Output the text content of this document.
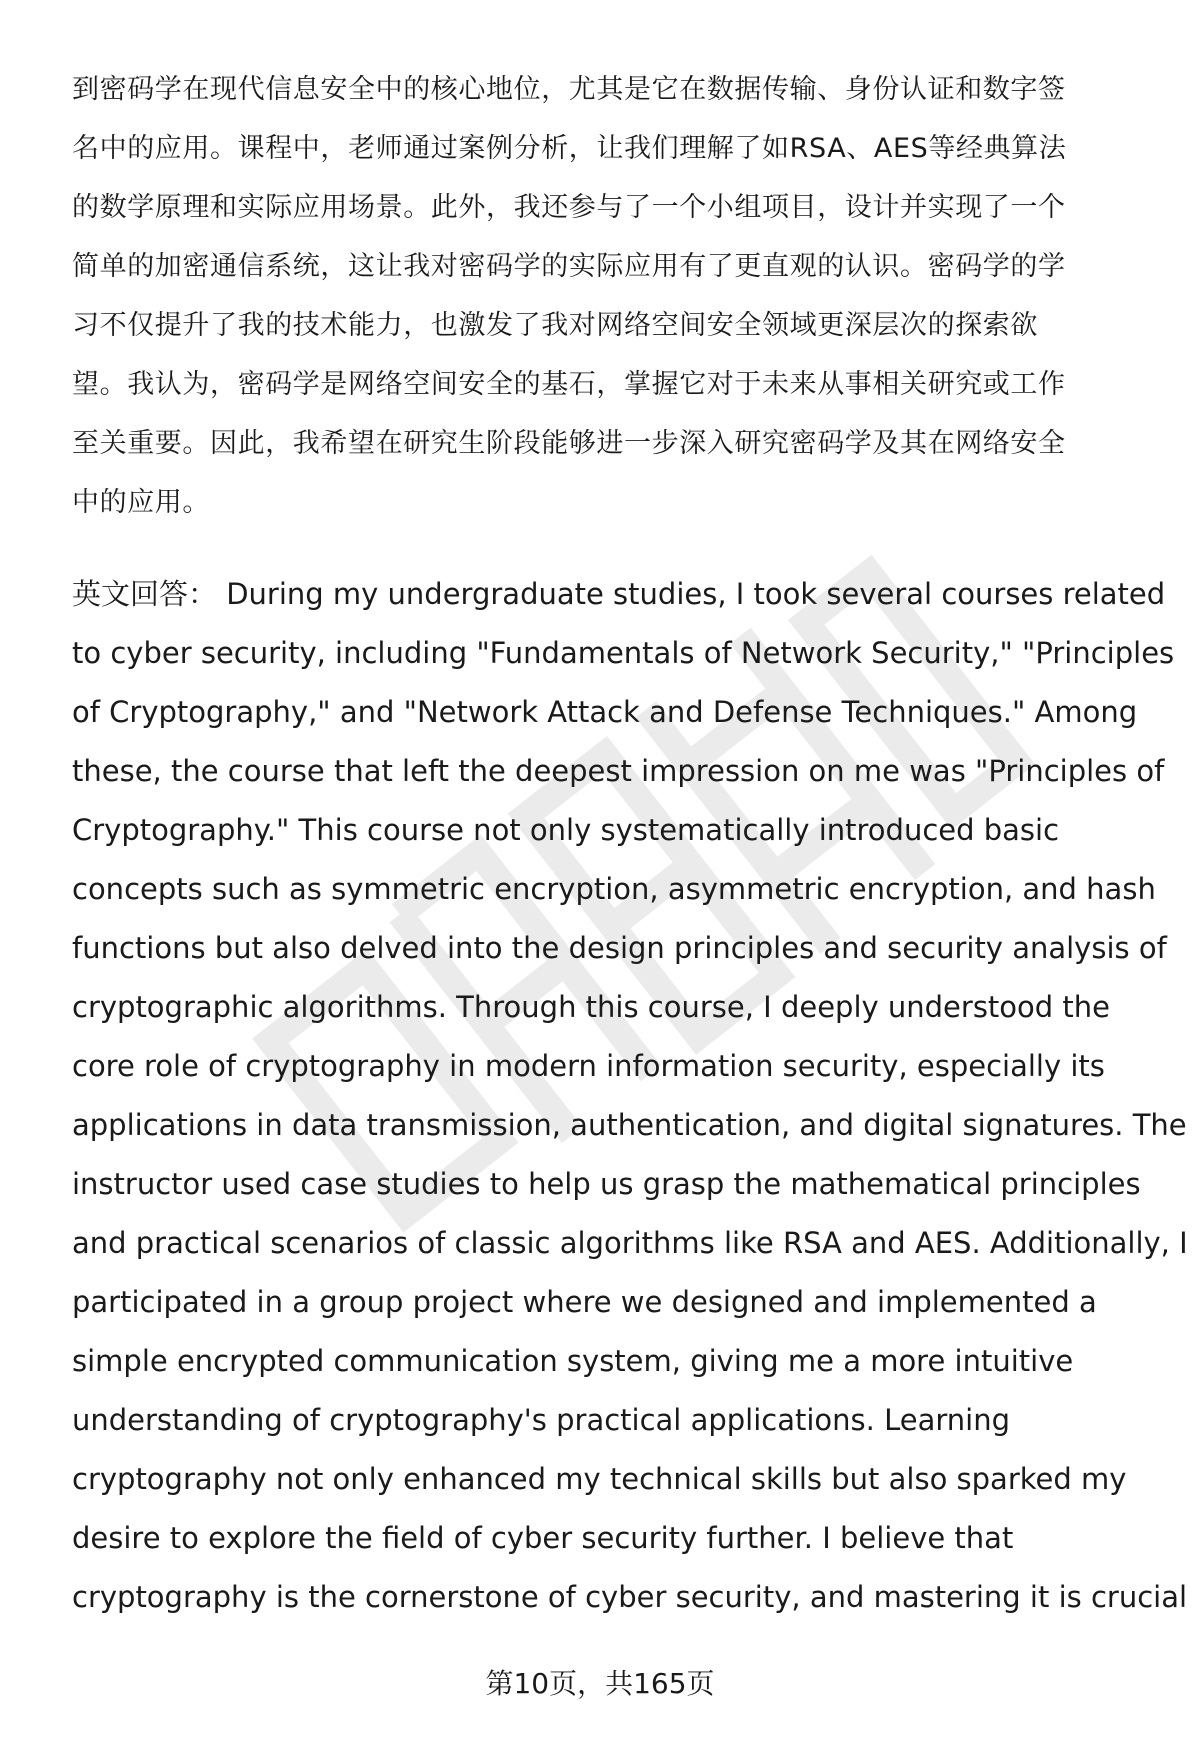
到密码学在现代信息安全中的核心地位，尤其是它在数据传输、身份认证和数字签
名中的应用。课程中，老师通过案例分析，让我们理解了如RSA、AES等经典算法
的数学原理和实际应用场景。此外，我还参与了一个小组项目，设计并实现了一个
简单的加密通信系统，这让我对密码学的实际应用有了更直观的认识。密码学的学
习不仅提升了我的技术能力，也激发了我对网络空间安全领域更深层次的探索欲
望。我认为，密码学是网络空间安全的基石，掌握它对于未来从事相关研究或工作
至关重要。因此，我希望在研究生阶段能够进一步深入研究密码学及其在网络安全
中的应用。
英文回答： During my undergraduate studies, I took several courses related
to cyber security, including "Fundamentals of Network Security," "Principles
of Cryptography," and "Network Attack and Defense Techniques." Among
these, the course that left the deepest impression on me was "Principles of
Cryptography." This course not only systematically introduced basic
concepts such as symmetric encryption, asymmetric encryption, and hash
functions but also delved into the design principles and security analysis of
cryptographic algorithms. Through this course, I deeply understood the
core role of cryptography in modern information security, especially its
applications in data transmission, authentication, and digital signatures. The
instructor used case studies to help us grasp the mathematical principles
and practical scenarios of classic algorithms like RSA and AES. Additionally, I
participated in a group project where we designed and implemented a
simple encrypted communication system, giving me a more intuitive
understanding of cryptography's practical applications. Learning
cryptography not only enhanced my technical skills but also sparked my
desire to explore the field of cyber security further. I believe that
cryptography is the cornerstone of cyber security, and mastering it is crucial
第10页，共165页
